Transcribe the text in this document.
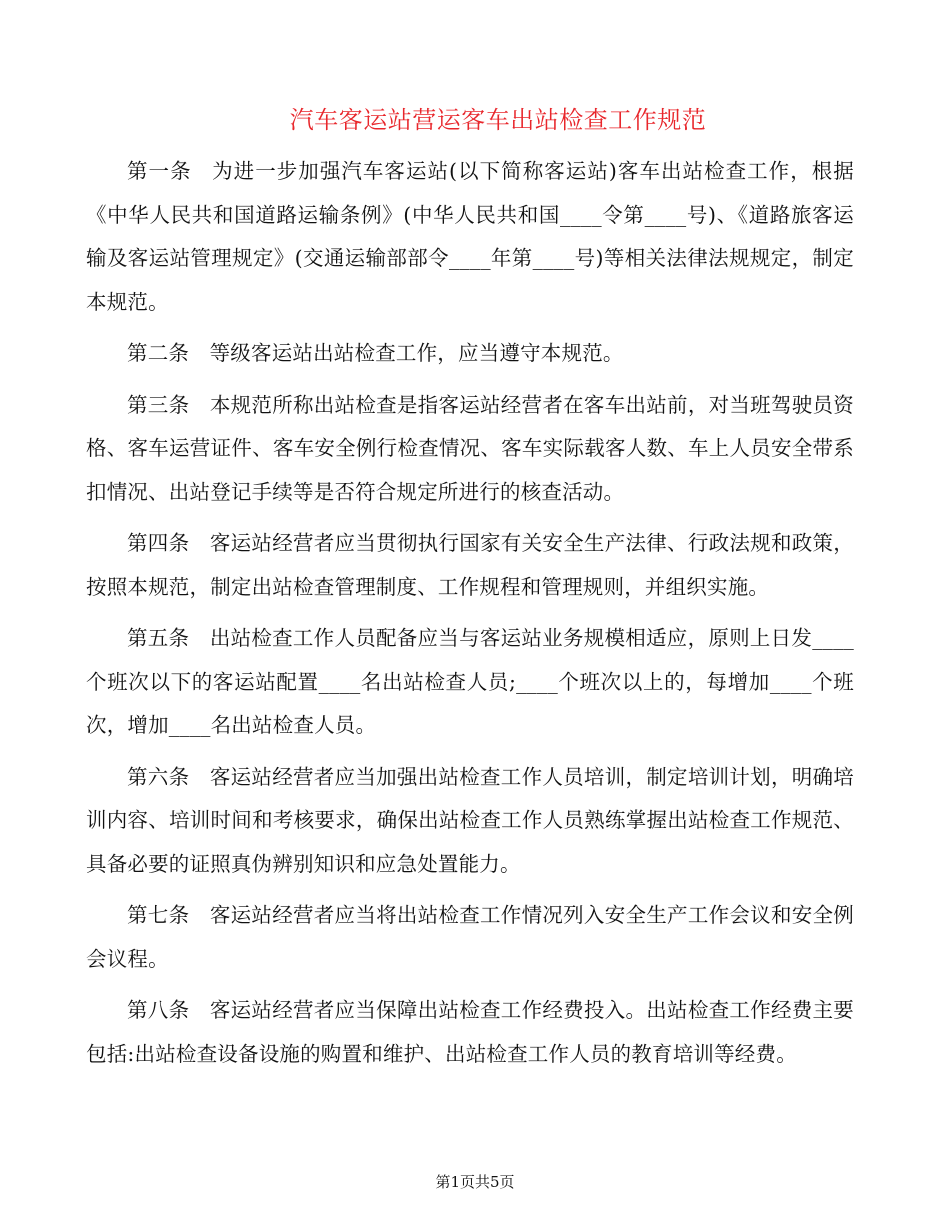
汽车客运站营运客车出站检查工作规范

第一条 为进一步加强汽车客运站(以下简称客运站)客车出站检查工作，根据《中华人民共和国道路运输条例》(中华人民共和国____令第____号)、《道路旅客运输及客运站管理规定》(交通运输部部令____年第____号)等相关法律法规规定，制定本规范。

第二条 等级客运站出站检查工作，应当遵守本规范。

第三条 本规范所称出站检查是指客运站经营者在客车出站前，对当班驾驶员资格、客车运营证件、客车安全例行检查情况、客车实际载客人数、车上人员安全带系扣情况、出站登记手续等是否符合规定所进行的核查活动。

第四条 客运站经营者应当贯彻执行国家有关安全生产法律、行政法规和政策，按照本规范，制定出站检查管理制度、工作规程和管理规则，并组织实施。

第五条 出站检查工作人员配备应当与客运站业务规模相适应，原则上日发____个班次以下的客运站配置____名出站检查人员;____个班次以上的，每增加____个班次，增加____名出站检查人员。

第六条 客运站经营者应当加强出站检查工作人员培训，制定培训计划，明确培训内容、培训时间和考核要求，确保出站检查工作人员熟练掌握出站检查工作规范、具备必要的证照真伪辨别知识和应急处置能力。

第七条 客运站经营者应当将出站检查工作情况列入安全生产工作会议和安全例会议程。

第八条 客运站经营者应当保障出站检查工作经费投入。出站检查工作经费主要包括:出站检查设备设施的购置和维护、出站检查工作人员的教育培训等经费。

第1页共5页
